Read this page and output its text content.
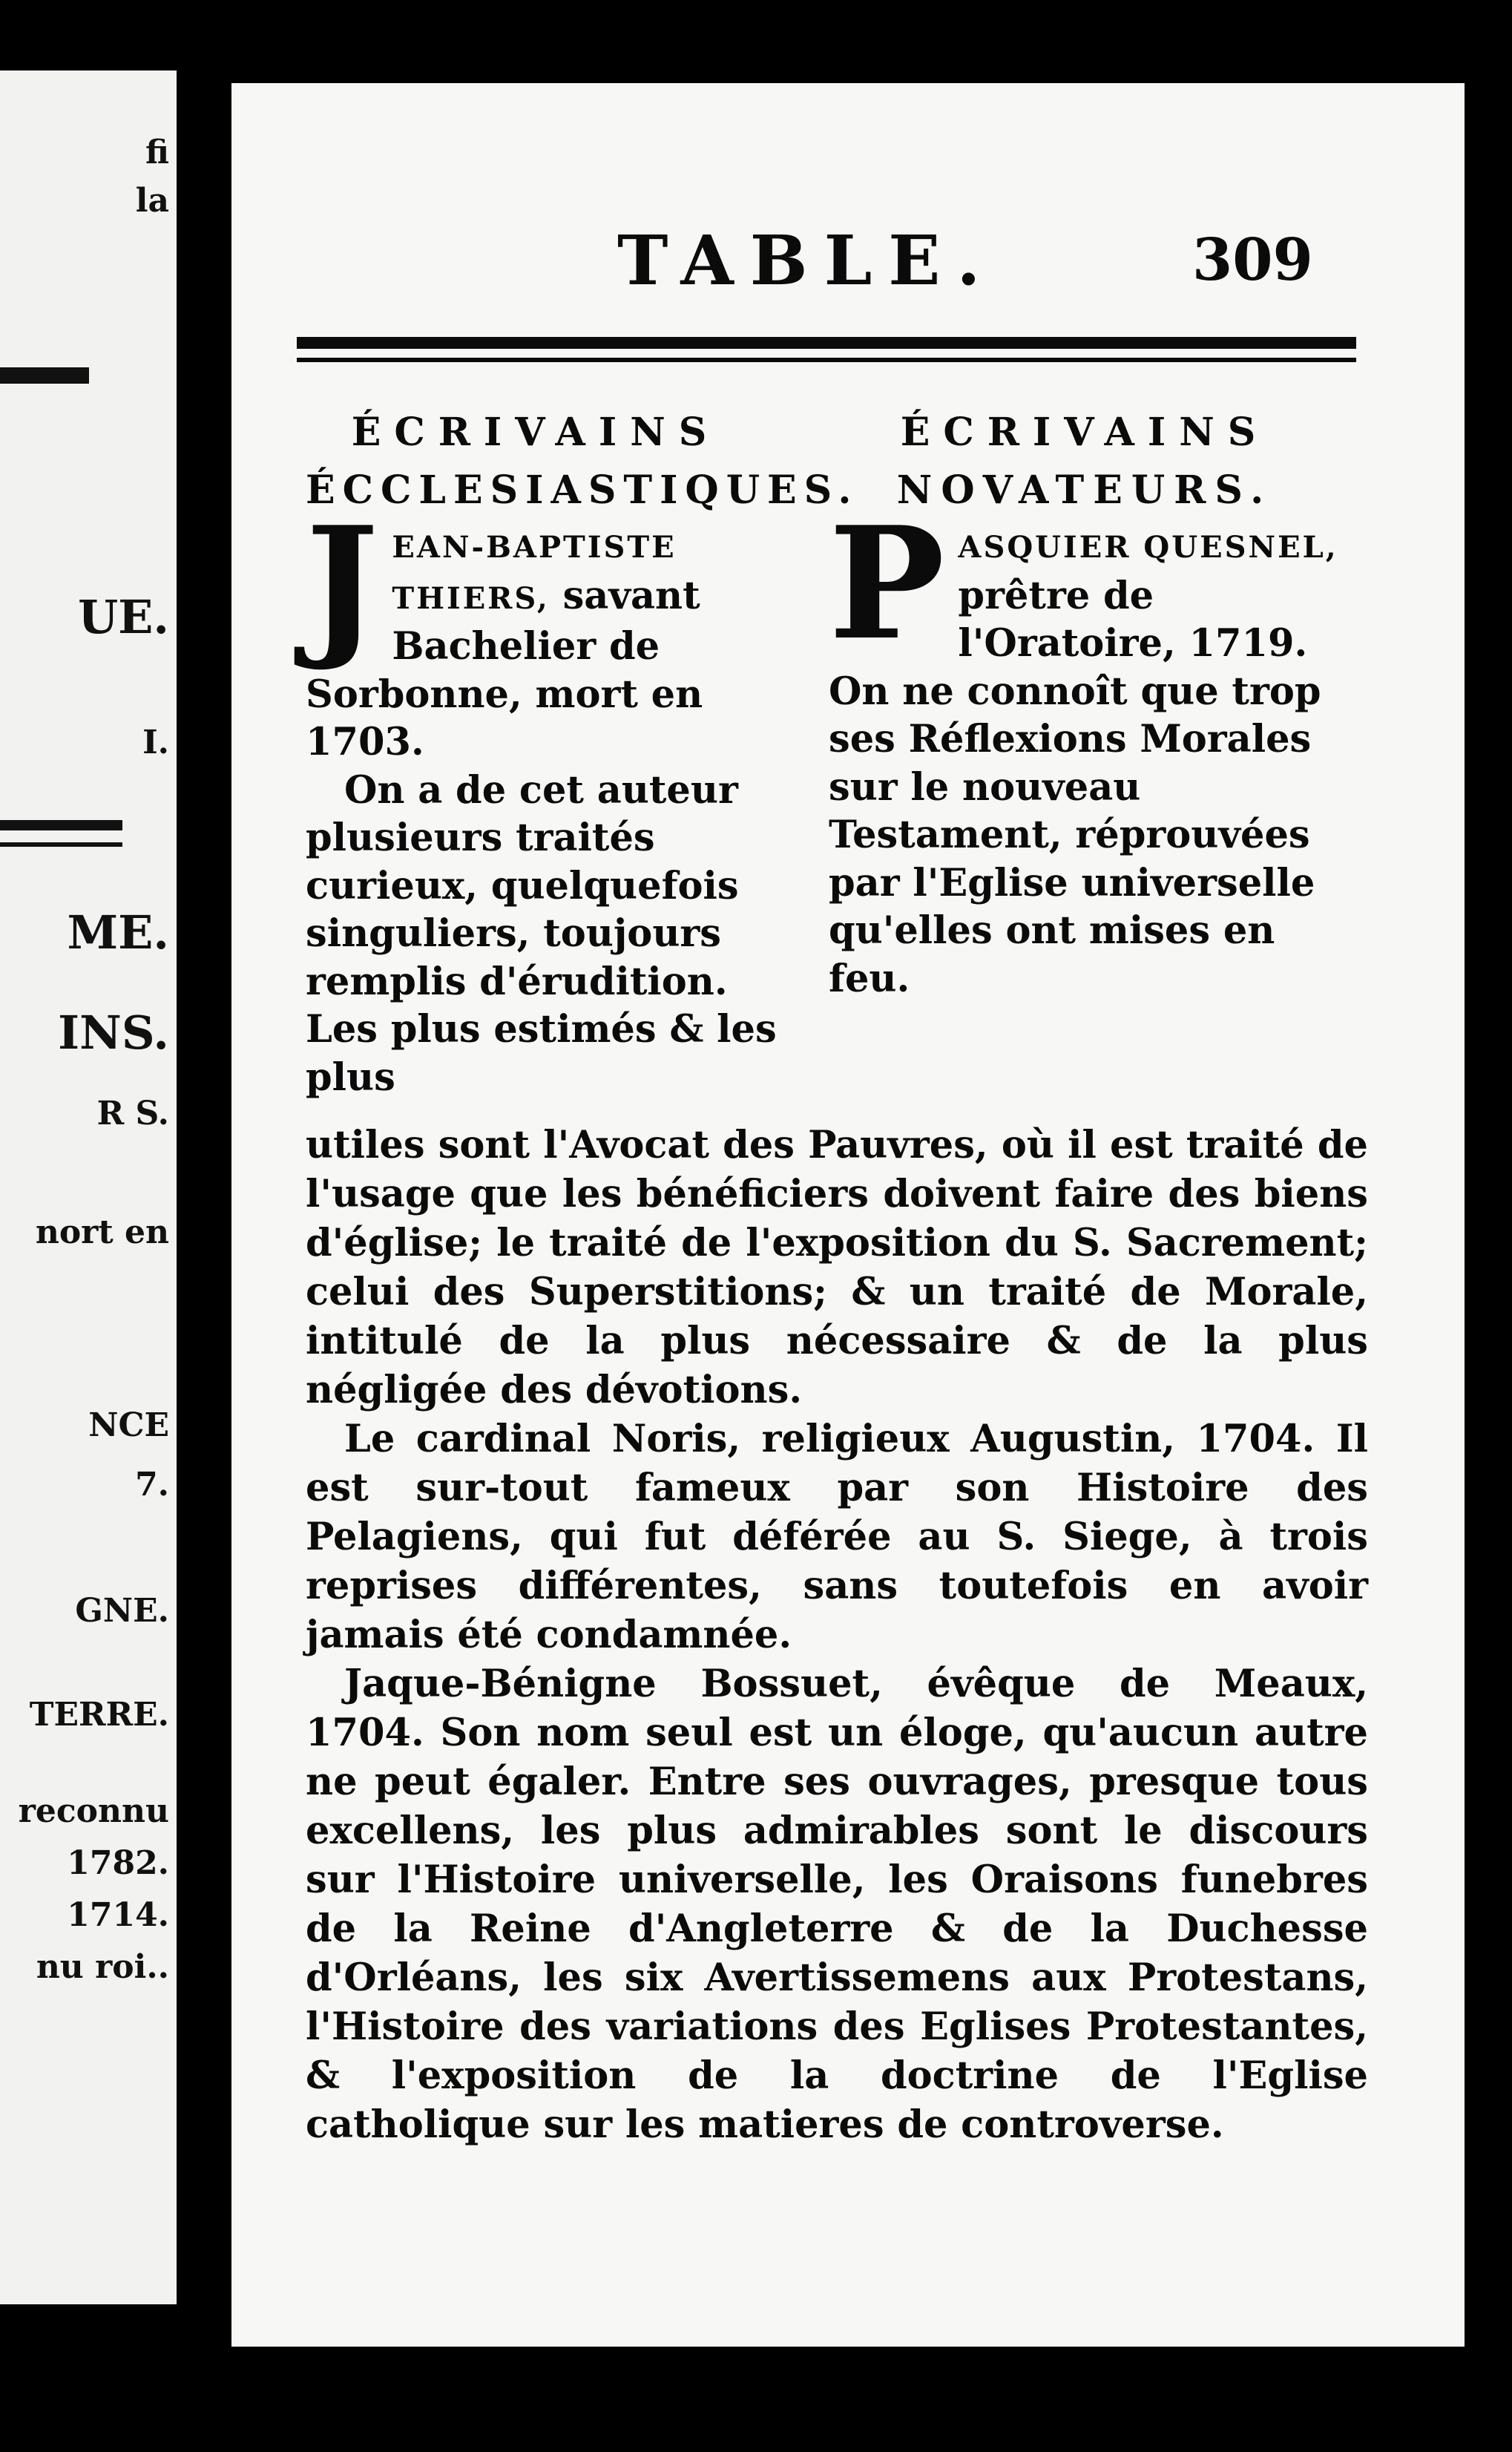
fi
la
UE.
I.
ME.
INS.
R S.
nort en
NCE
7.
GNE.
TERRE.
reconnu
1782.
1714.
nu roi..
TABLE.	309
ÉCRIVAINS
ÉCCLESIASTIQUES.
ÉCRIVAINS
NOVATEURS.
J EAN-BAPTISTE THIERS, savant Bachelier de Sorbonne, mort en 1703.
On a de cet auteur plusieurs traités curieux, quelquefois singuliers, toujours remplis d'érudition. Les plus estimés & les plus
P ASQUIER QUESNEL, prêtre de l'Oratoire, 1719. On ne connoît que trop ses Réflexions Morales sur le nouveau Testament, réprouvées par l'Eglise universelle qu'elles ont mises en feu.

utiles sont l'Avocat des Pauvres, où il est traité de l'usage que les bénéficiers doivent faire des biens d'église; le traité de l'exposition du S. Sacrement; celui des Superstitions; & un traité de Morale, intitulé de la plus nécessaire & de la plus négligée des dévotions.

Le cardinal Noris, religieux Augustin, 1704. Il est sur-tout fameux par son Histoire des Pelagiens, qui fut déférée au S. Siege, à trois reprises différentes, sans toutefois en avoir jamais été condamnée.

Jaque-Bénigne Bossuet, évêque de Meaux, 1704. Son nom seul est un éloge, qu'aucun autre ne peut égaler. Entre ses ouvrages, presque tous excellens, les plus admirables sont le discours sur l'Histoire universelle, les Oraisons funebres de la Reine d'Angleterre & de la Duchesse d'Orléans, les six Avertissemens aux Protestans, l'Histoire des variations des Eglises Protestantes, & l'exposition de la doctrine de l'Eglise catholique sur les matieres de controverse.
